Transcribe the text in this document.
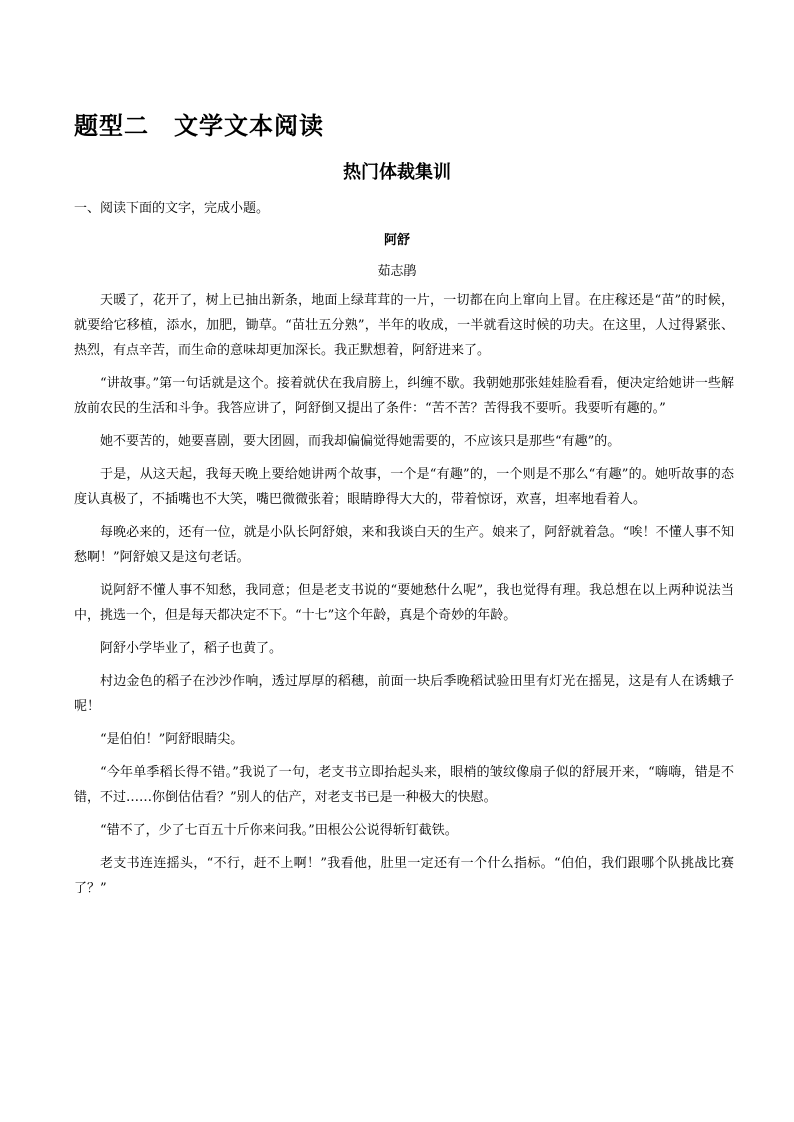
题型二　文学文本阅读
热门体裁集训
一、阅读下面的文字，完成小题。
阿舒
茹志鹃

天暖了，花开了，树上已抽出新条，地面上绿茸茸的一片，一切都在向上窜向上冒。在庄稼还是“苗”的时候，就要给它移植，添水，加肥，锄草。“苗壮五分熟”，半年的收成，一半就看这时候的功夫。在这里，人过得紧张、热烈，有点辛苦，而生命的意味却更加深长。我正默想着，阿舒进来了。

“讲故事。”第一句话就是这个。接着就伏在我肩膀上，纠缠不歇。我朝她那张娃娃脸看看，便决定给她讲一些解放前农民的生活和斗争。我答应讲了，阿舒倒又提出了条件：“苦不苦？苦得我不要听。我要听有趣的。”

她不要苦的，她要喜剧，要大团圆，而我却偏偏觉得她需要的，不应该只是那些“有趣”的。

于是，从这天起，我每天晚上要给她讲两个故事，一个是“有趣”的，一个则是不那么“有趣”的。她听故事的态度认真极了，不插嘴也不大笑，嘴巴微微张着；眼睛睁得大大的，带着惊讶，欢喜，坦率地看着人。

每晚必来的，还有一位，就是小队长阿舒娘，来和我谈白天的生产。娘来了，阿舒就着急。“唉！不懂人事不知愁啊！”阿舒娘又是这句老话。

说阿舒不懂人事不知愁，我同意；但是老支书说的“要她愁什么呢”，我也觉得有理。我总想在以上两种说法当中，挑选一个，但是每天都决定不下。“十七”这个年龄，真是个奇妙的年龄。

阿舒小学毕业了，稻子也黄了。

村边金色的稻子在沙沙作响，透过厚厚的稻穗，前面一块后季晚稻试验田里有灯光在摇晃，这是有人在诱蛾子呢！

“是伯伯！”阿舒眼睛尖。

“今年单季稻长得不错。”我说了一句，老支书立即抬起头来，眼梢的皱纹像扇子似的舒展开来，“嗨嗨，错是不错，不过……你倒估估看？”别人的估产，对老支书已是一种极大的快慰。

“错不了，少了七百五十斤你来问我。”田根公公说得斩钉截铁。

老支书连连摇头，“不行，赶不上啊！”我看他，肚里一定还有一个什么指标。“伯伯，我们跟哪个队挑战比赛了？”
